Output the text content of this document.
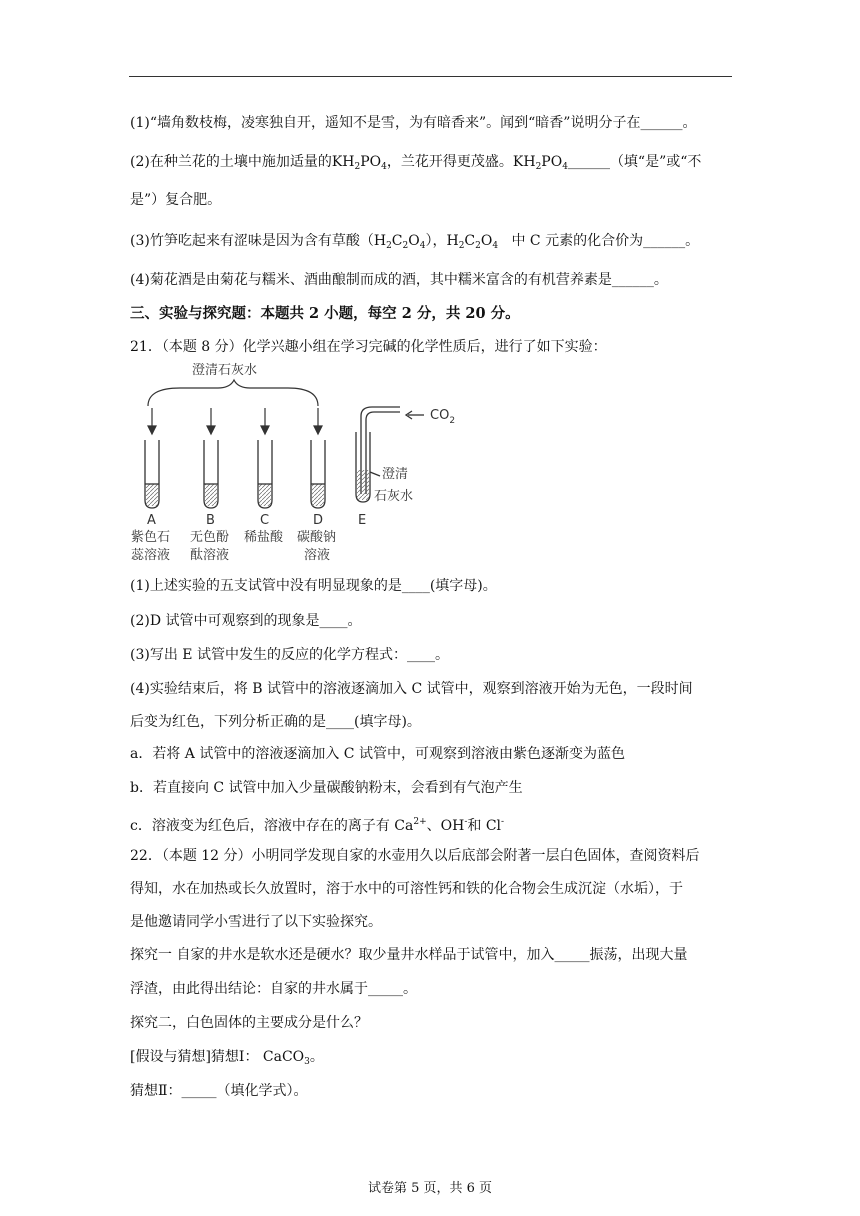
(1)“墙角数枝梅，凌寒独自开，遥知不是雪，为有暗香来”。闻到“暗香”说明分子在______。
(2)在种兰花的土壤中施加适量的$KH_2PO_4$，兰花开得更茂盛。$KH_2PO_4\_\_\_\_\_\_$（填“是”或“不
是”）复合肥。
(3)竹笋吃起来有涩味是因为含有草酸$(H_2C_2O_4)$，$H_2C_2O_4$ 中 C 元素的化合价为______。
(4)菊花酒是由菊花与糯米、酒曲酿制而成的酒，其中糯米富含的有机营养素是______。
三、实验与探究题：本题共 2 小题，每空 2 分，共 20 分。
21．（本题 8 分）化学兴趣小组在学习完碱的化学性质后，进行了如下实验：
澄清石灰水
$CO_2$
澄清
石灰水
A
紫色石
蕊溶液
B
无色酚
酞溶液
C
稀盐酸
D
碳酸钠
溶液
E
(1)上述实验的五支试管中没有明显现象的是____(填字母)。
(2)D 试管中可观察到的现象是____。
(3)写出 E 试管中发生的反应的化学方程式：____。
(4)实验结束后，将 B 试管中的溶液逐滴加入 C 试管中，观察到溶液开始为无色，一段时间
后变为红色，下列分析正确的是____(填字母)。
a．若将 A 试管中的溶液逐滴加入 C 试管中，可观察到溶液由紫色逐渐变为蓝色
b．若直接向 C 试管中加入少量碳酸钠粉末，会看到有气泡产生
c．溶液变为红色后，溶液中存在的离子有 $Ca^{2+}$、OH-和 Cl-
22．（本题 12 分）小明同学发现自家的水壶用久以后底部会附著一层白色固体，查阅资料后
得知，水在加热或长久放置时，溶于水中的可溶性钙和铁的化合物会生成沉淀（水垢），于
是他邀请同学小雪进行了以下实验探究。
探究一 自家的井水是软水还是硬水？取少量井水样品于试管中，加入_____振荡，出现大量
浮渣，由此得出结论：自家的井水属于_____。
探究二，白色固体的主要成分是什么？
[假设与猜想]猜想Ⅰ： CaCO$_3$。
猜想Ⅱ：_____（填化学式）。
试卷第 5 页，共 6 页
